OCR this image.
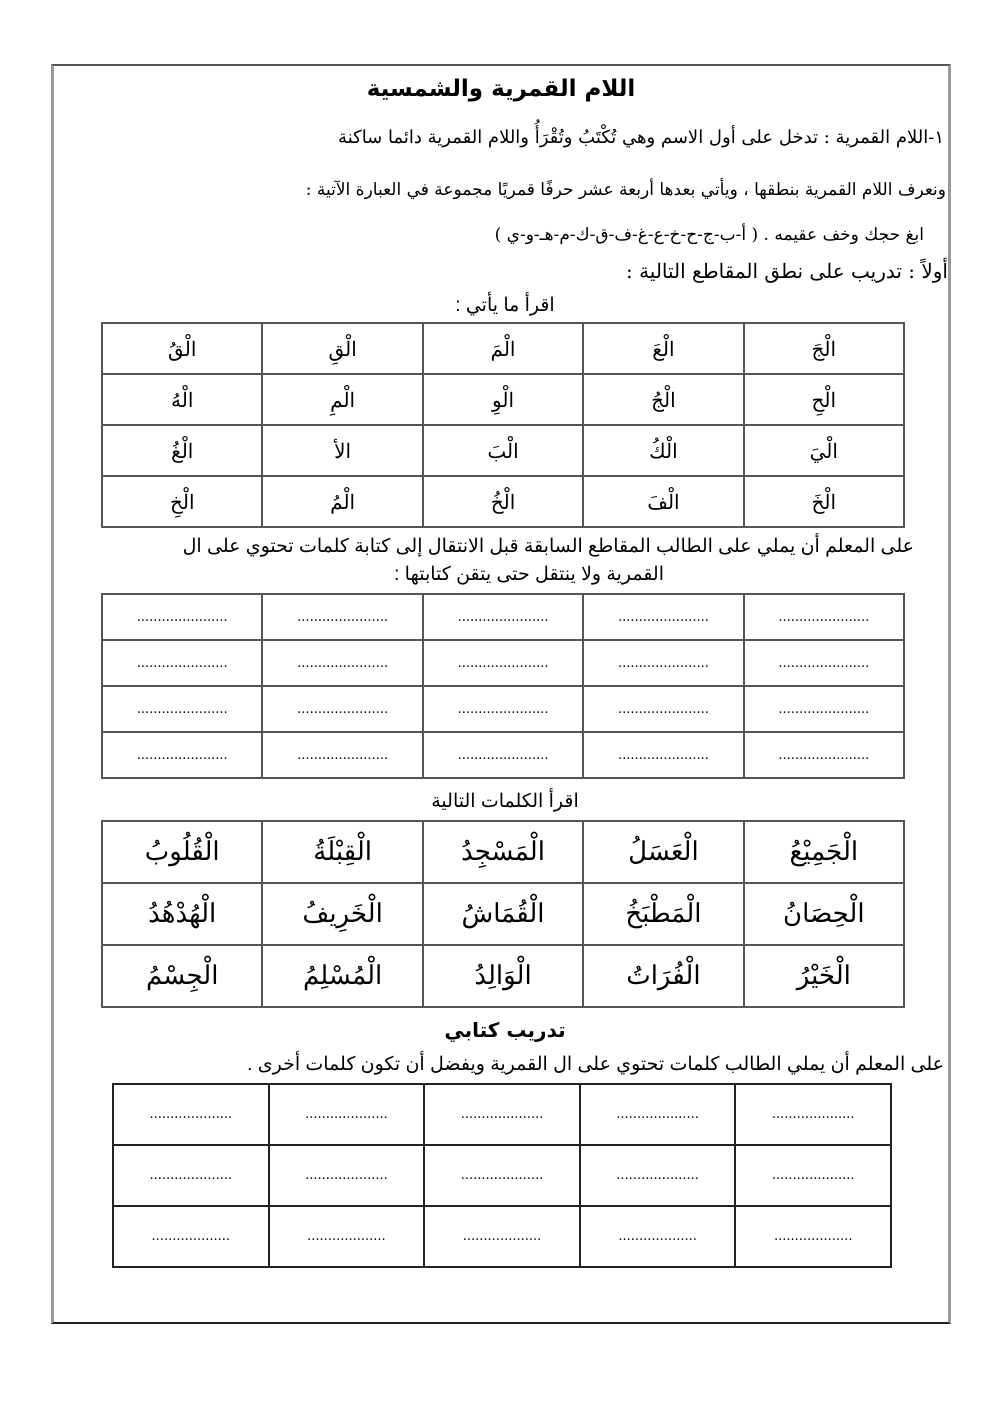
اللام القمرية والشمسية
١-اللام القمرية : تدخل على أول الاسم وهي تُكْتَبُ وتُقْرَأُ واللام القمرية دائما ساكنة
ونعرف اللام القمرية بنطقها ، ويأتي بعدها أربعة عشر حرفًا قمريًا مجموعة في العبارة الآتية :
ابغ حجك وخف عقيمه . ( أ-ب-ج-ح-خ-ع-غ-ف-ق-ك-م-هـ-و-ي )
أولاً : تدريب على نطق المقاطع التالية :
اقرأ ما يأتي :
الْجَ	الْعَ	الْمَ	الْقِ	الْقُ
الْحِ	الْجُ	الْوِ	الْمِ	الْهُ
الْيَ	الْكُ	الْبَ	الأ	الْغُ
الْخَ	الْفَ	الْخُ	الْمُ	الْخِ
على المعلم أن يملي على الطالب المقاطع السابقة قبل الانتقال إلى كتابة كلمات تحتوي على ال
القمرية ولا ينتقل حتى يتقن كتابتها :
......................	......................	......................	......................	......................
......................	......................	......................	......................	......................
......................	......................	......................	......................	......................
......................	......................	......................	......................	......................
اقرأ الكلمات التالية
الْجَمِيْعُ	الْعَسَلُ	الْمَسْجِدُ	الْقِبْلَةُ	الْقُلُوبُ
الْحِصَانُ	الْمَطْبَخُ	الْقُمَاشُ	الْخَرِيفُ	الْهُدْهُدُ
الْخَيْرُ	الْفُرَاتُ	الْوَالِدُ	الْمُسْلِمُ	الْجِسْمُ
تدريب كتابي
على المعلم أن يملي الطالب كلمات تحتوي على ال القمرية ويفضل أن تكون كلمات أخرى .
....................	....................	....................	....................	....................
....................	....................	....................	....................	....................
...................	...................	...................	...................	...................
